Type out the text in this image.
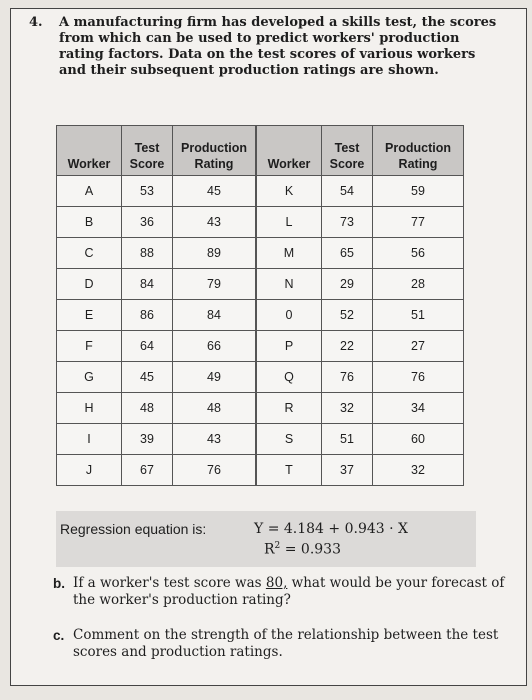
4.	A manufacturing firm has developed a skills test, the scores from which can be used to predict workers' production rating factors. Data on the test scores of various workers and their subsequent production ratings are shown.
Worker	Test Score	Production Rating	Worker	Test Score	Production Rating
A	53	45	K	54	59
B	36	43	L	73	77
C	88	89	M	65	56
D	84	79	N	29	28
E	86	84	0	52	51
F	64	66	P	22	27
G	45	49	Q	76	76
H	48	48	R	32	34
I	39	43	S	51	60
J	67	76	T	37	32
Regression equation is:	Y = 4.184 + 0.943 · X
$R^2 = 0.933$
b. If a worker's test score was 80, what would be your forecast of the worker's production rating?
c. Comment on the strength of the relationship between the test scores and production ratings.
